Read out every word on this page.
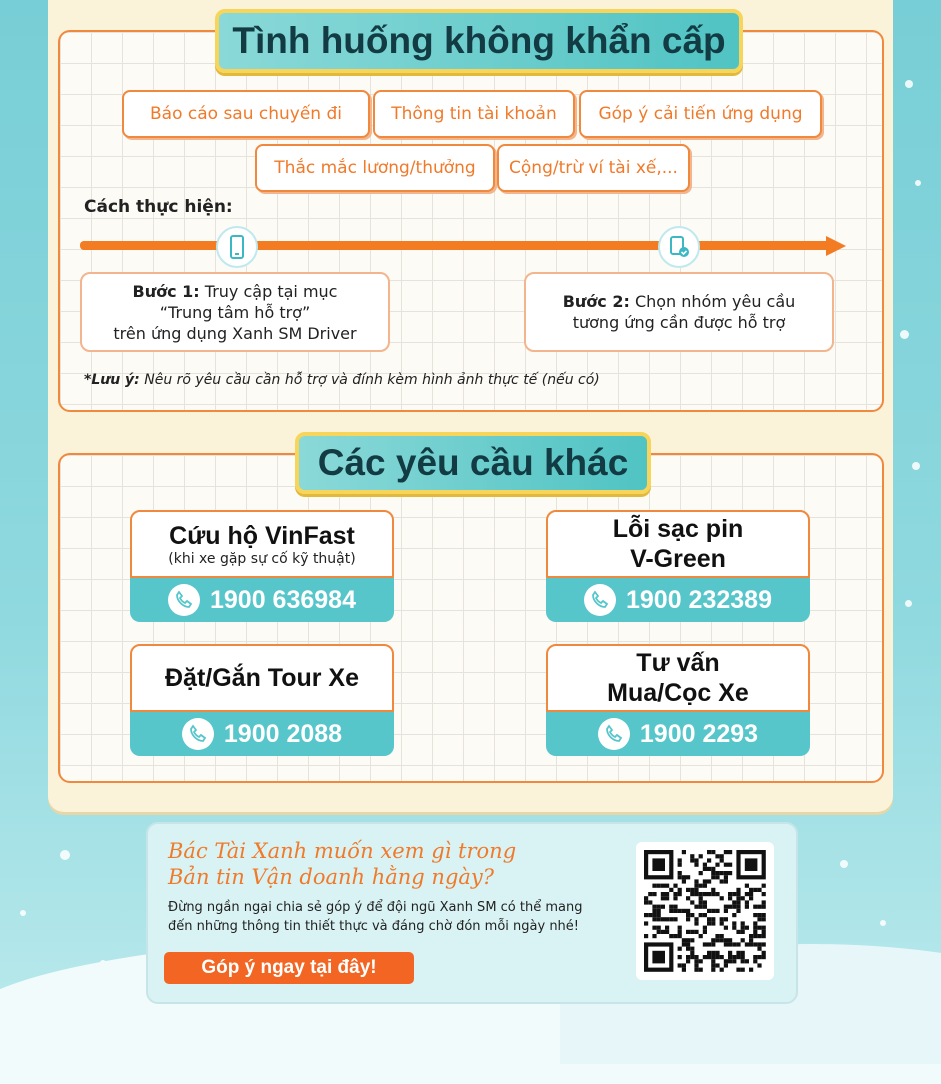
Tình huống không khẩn cấp
Báo cáo sau chuyến đi	Thông tin tài khoản	Góp ý cải tiến ứng dụng
Thắc mắc lương/thưởng	Cộng/trừ ví tài xế,...
Cách thực hiện:
Bước 1: Truy cập tại mục
“Trung tâm hỗ trợ”
trên ứng dụng Xanh SM Driver
Bước 2: Chọn nhóm yêu cầu
tương ứng cần được hỗ trợ
*Lưu ý: Nêu rõ yêu cầu cần hỗ trợ và đính kèm hình ảnh thực tế (nếu có)
Các yêu cầu khác
Cứu hộ VinFast
(khi xe gặp sự cố kỹ thuật)
1900 636984
Lỗi sạc pin
V-Green
1900 232389
Đặt/Gắn Tour Xe
1900 2088
Tư vấn
Mua/Cọc Xe
1900 2293
Bác Tài Xanh muốn xem gì trong
Bản tin Vận doanh hằng ngày?
Đừng ngần ngại chia sẻ góp ý để đội ngũ Xanh SM có thể mang
đến những thông tin thiết thực và đáng chờ đón mỗi ngày nhé!
Góp ý ngay tại đây!
